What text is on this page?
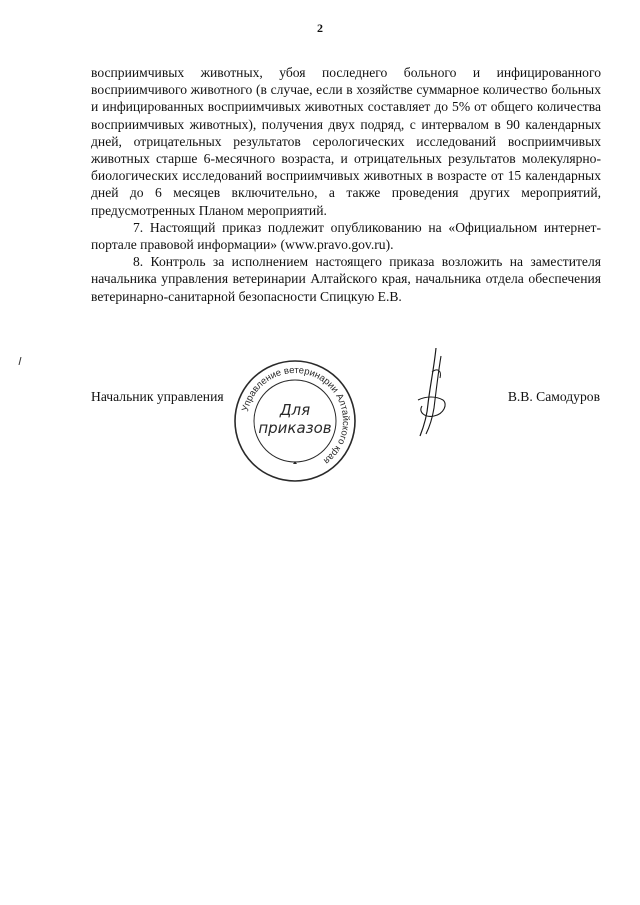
2

восприимчивых животных, убоя последнего больного и инфицированного восприимчивого животного (в случае, если в хозяйстве суммарное количество больных и инфицированных восприимчивых животных составляет до 5% от общего количества восприимчивых животных), получения двух подряд, с интервалом в 90 календарных дней, отрицательных результатов серологических исследований восприимчивых животных старше 6-месячного возраста, и отрицательных результатов молекулярно-биологических исследований восприимчивых животных в возрасте от 15 календарных дней до 6 месяцев включительно, а также проведения других мероприятий, предусмотренных Планом мероприятий.

7. Настоящий приказ подлежит опубликованию на «Официальном интернет-портале правовой информации» (www.pravo.gov.ru).

8. Контроль за исполнением настоящего приказа возложить на заместителя начальника управления ветеринарии Алтайского края, начальника отдела обеспечения ветеринарно-санитарной безопасности Спицкую Е.В.

Начальник управления
Управление ветеринарии Алтайского края
Для
приказов
В.В. Самодуров
